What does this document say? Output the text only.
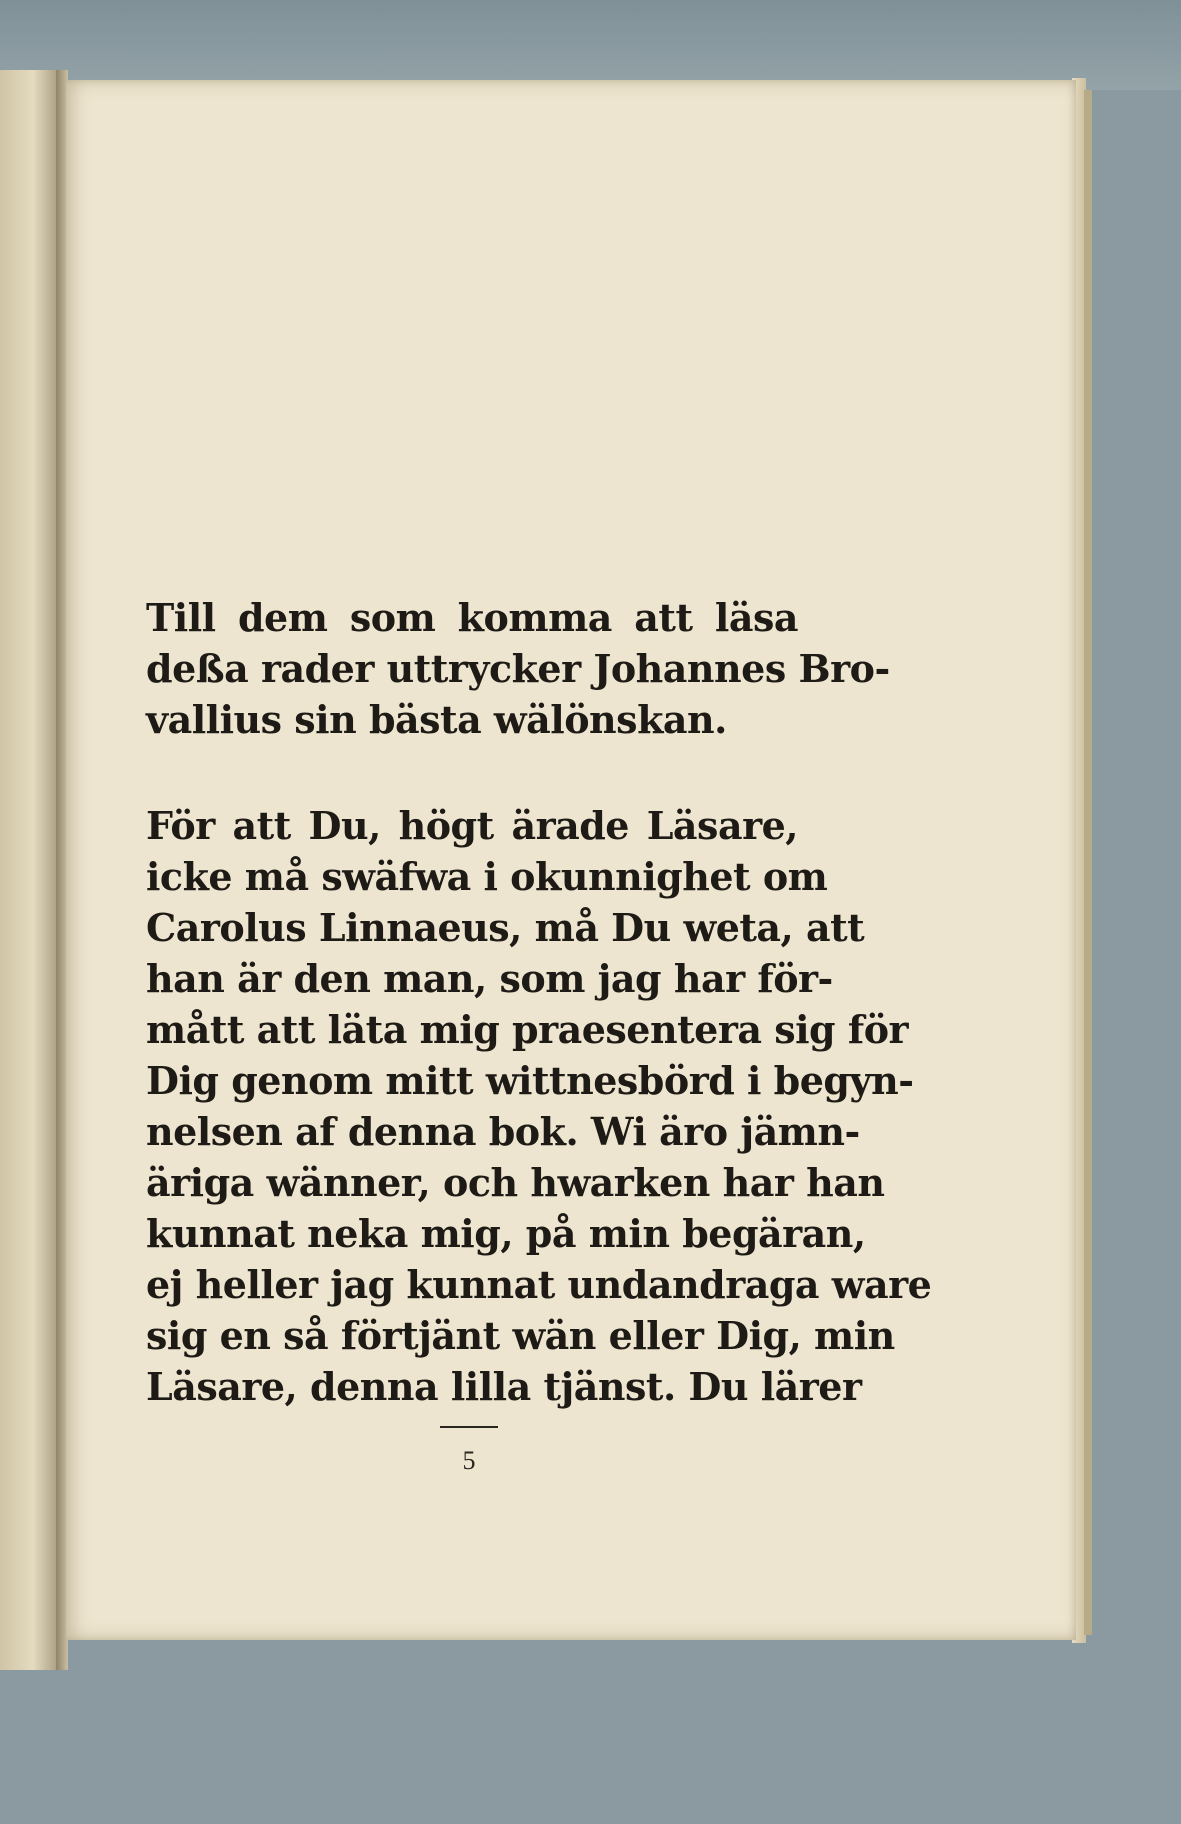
Till dem som komma att läsa
deßa rader uttrycker Johannes Bro-
vallius sin bästa wälönskan.
För att Du, högt ärade Läsare,
icke må swäfwa i okunnighet om
Carolus Linnaeus, må Du weta, att
han är den man, som jag har för-
mått att läta mig praesentera sig för
Dig genom mitt wittnesbörd i begyn-
nelsen af denna bok. Wi äro jämn-
äriga wänner, och hwarken har han
kunnat neka mig, på min begäran,
ej heller jag kunnat undandraga ware
sig en så förtjänt wän eller Dig, min
Läsare, denna lilla tjänst. Du lärer
5
